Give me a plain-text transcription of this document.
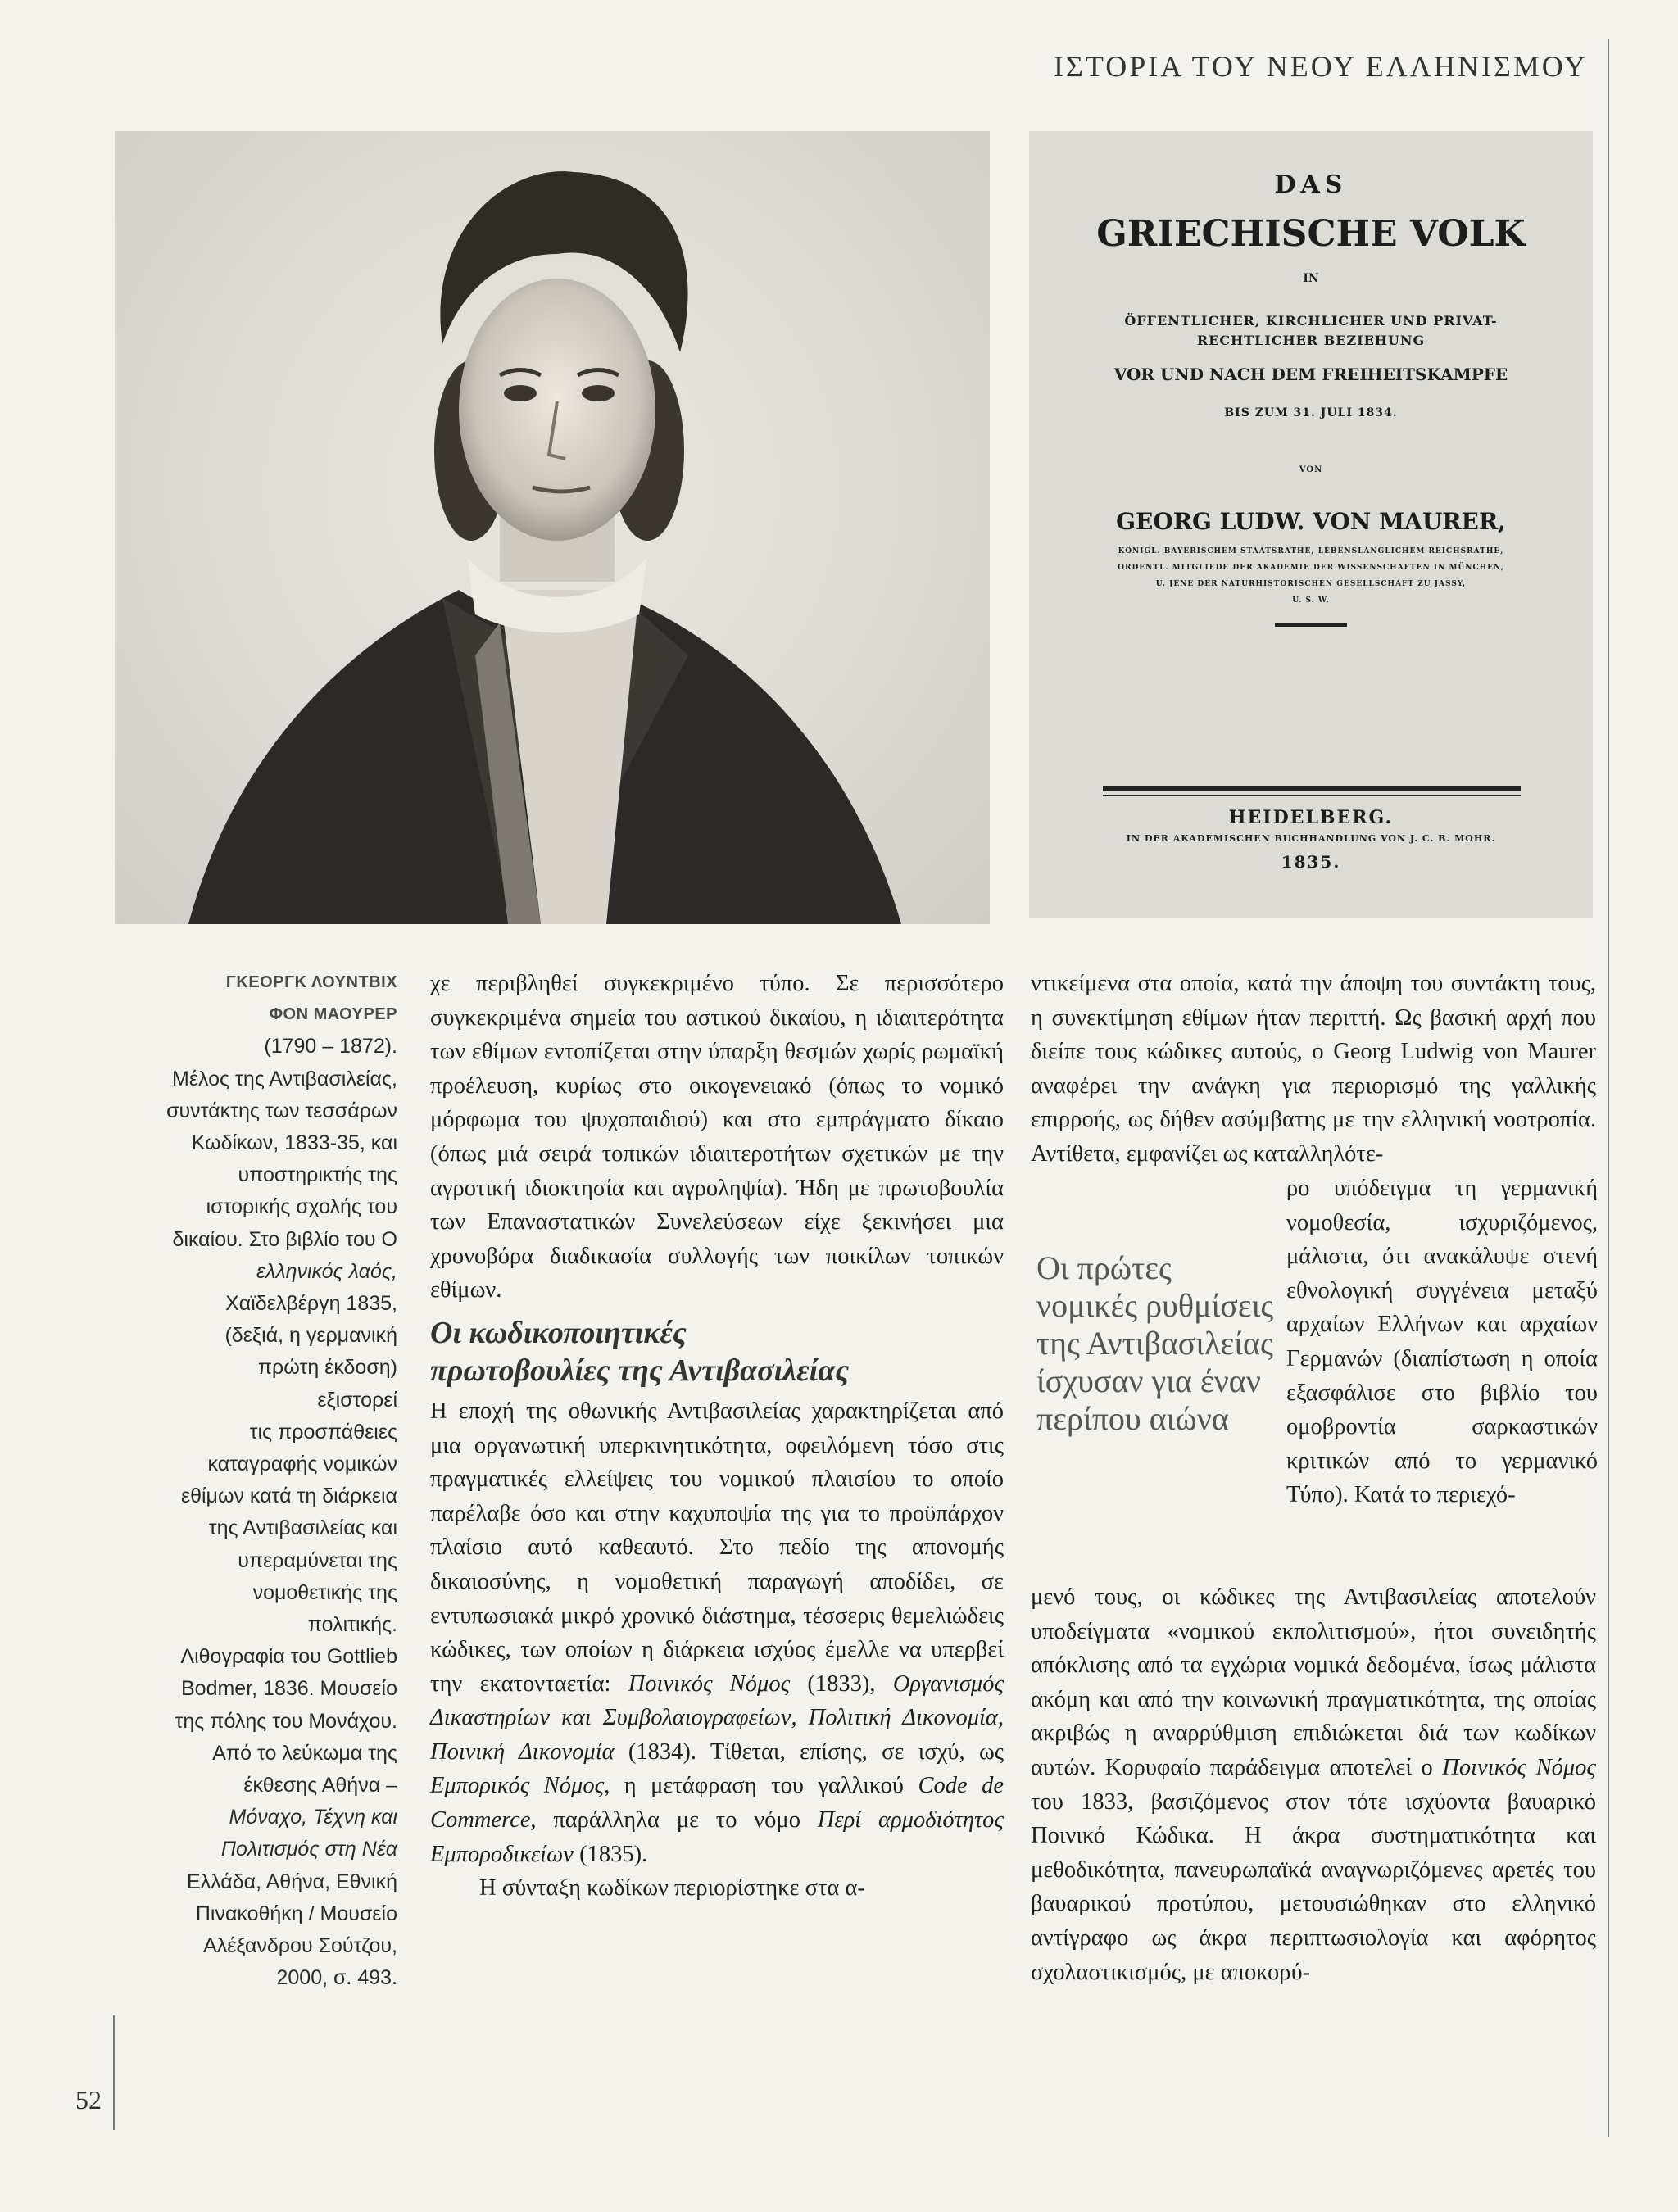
ΙΣΤΟΡΙΑ ΤΟΥ ΝΕΟΥ ΕΛΛΗΝΙΣΜΟΥ
52
DAS
GRIECHISCHE VOLK
IN
ÖFFENTLICHER, KIRCHLICHER UND PRIVAT-
RECHTLICHER BEZIEHUNG
VOR UND NACH DEM FREIHEITSKAMPFE
BIS ZUM 31. JULI 1834.
VON
GEORG LUDW. VON MAURER,
KÖNIGL. BAYERISCHEM STAATSRATHE, LEBENSLÄNGLICHEM REICHSRATHE,
ORDENTL. MITGLIEDE DER AKADEMIE DER WISSENSCHAFTEN IN MÜNCHEN,
U. JENE DER NATURHISTORISCHEN GESELLSCHAFT ZU JASSY,
U. S. W.
HEIDELBERG.
IN DER AKADEMISCHEN BUCHHANDLUNG VON J. C. B. MOHR.
1835.
ΓΚΕΟΡΓΚ ΛΟΥΝΤΒΙΧ
ΦΟΝ ΜΑΟΥΡΕΡ
(1790 – 1872).
Μέλος της Αντιβασιλείας,
συντάκτης των τεσσάρων
Κωδίκων, 1833-35, και
υποστηρικτής της
ιστορικής σχολής του
δικαίου. Στο βιβλίο του Ο
ελληνικός λαός,
Χαϊδελβέργη 1835,
(δεξιά, η γερμανική
πρώτη έκδοση)
εξιστορεί
τις προσπάθειες
καταγραφής νομικών
εθίμων κατά τη διάρκεια
της Αντιβασιλείας και
υπεραμύνεται της
νομοθετικής της
πολιτικής.
Λιθογραφία του Gottlieb
Bodmer, 1836. Μουσείο
της πόλης του Μονάχου.
Από το λεύκωμα της
έκθεσης Αθήνα –
Μόναχο, Τέχνη και
Πολιτισμός στη Νέα
Ελλάδα, Αθήνα, Εθνική
Πινακοθήκη / Μουσείο
Αλέξανδρου Σούτζου,
2000, σ. 493.

χε περιβληθεί συγκεκριμένο τύπο. Σε περισσότερο συγκεκριμένα σημεία του αστικού δικαίου, η ιδιαιτερότητα των εθίμων εντοπίζεται στην ύπαρξη θεσμών χωρίς ρωμαϊκή προέλευση, κυρίως στο οικογενειακό (όπως το νομικό μόρφωμα του ψυχοπαιδιού) και στο εμπράγματο δίκαιο (όπως μιά σειρά τοπικών ιδιαιτεροτήτων σχετικών με την αγροτική ιδιοκτησία και αγροληψία). Ήδη με πρωτοβουλία των Επαναστατικών Συνελεύσεων είχε ξεκινήσει μια χρονοβόρα διαδικασία συλλογής των ποικίλων τοπικών εθίμων.

Οι κωδικοποιητικές
πρωτοβουλίες της Αντιβασιλείας

Η εποχή της οθωνικής Αντιβασιλείας χαρακτηρίζεται από μια οργανωτική υπερκινητικότητα, οφειλόμενη τόσο στις πραγματικές ελλείψεις του νομικού πλαισίου το οποίο παρέλαβε όσο και στην καχυποψία της για το προϋπάρχον πλαίσιο αυτό καθεαυτό. Στο πεδίο της απονομής δικαιοσύνης, η νομοθετική παραγωγή αποδίδει, σε εντυπωσιακά μικρό χρονικό διάστημα, τέσσερις θεμελιώδεις κώδικες, των οποίων η διάρκεια ισχύος έμελλε να υπερβεί την εκατονταετία: Ποινικός Νόμος (1833), Οργανισμός Δικαστηρίων και Συμβολαιογραφείων, Πολιτική Δικονομία, Ποινική Δικονομία (1834). Τίθεται, επίσης, σε ισχύ, ως Εμπορικός Νόμος, η μετάφραση του γαλλικού Code de Commerce, παράλληλα με το νόμο Περί αρμοδιότητος Εμποροδικείων (1835).

Η σύνταξη κωδίκων περιορίστηκε στα α-

ντικείμενα στα οποία, κατά την άποψη του συντάκτη τους, η συνεκτίμηση εθίμων ήταν περιττή. Ως βασική αρχή που διείπε τους κώδικες αυτούς, ο Georg Ludwig von Maurer αναφέρει την ανάγκη για περιορισμό της γαλλικής επιρροής, ως δήθεν ασύμβατης με την ελληνική νοοτροπία. Αντίθετα, εμφανίζει ως καταλληλότε-
Οι πρώτες νομικές ρυθμίσεις της Αντιβασιλείας ίσχυσαν για έναν περίπου αιώνα
ρο υπόδειγμα τη γερμανική νομοθεσία, ισχυριζόμενος, μάλιστα, ότι ανακάλυψε στενή εθνολογική συγγένεια μεταξύ αρχαίων Ελλήνων και αρχαίων Γερμανών (διαπίστωση η οποία εξασφάλισε στο βιβλίο του ομοβροντία σαρκαστικών κριτικών από το γερμανικό Τύπο). Κατά το περιεχό-
μενό τους, οι κώδικες της Αντιβασιλείας αποτελούν υποδείγματα «νομικού εκπολιτισμού», ήτοι συνειδητής απόκλισης από τα εγχώρια νομικά δεδομένα, ίσως μάλιστα ακόμη και από την κοινωνική πραγματικότητα, της οποίας ακριβώς η αναρρύθμιση επιδιώκεται διά των κωδίκων αυτών. Κορυφαίο παράδειγμα αποτελεί ο Ποινικός Νόμος του 1833, βασιζόμενος στον τότε ισχύοντα βαυαρικό Ποινικό Κώδικα. Η άκρα συστηματικότητα και μεθοδικότητα, πανευρωπαϊκά αναγνωριζόμενες αρετές του βαυαρικού προτύπου, μετουσιώθηκαν στο ελληνικό αντίγραφο ως άκρα περιπτωσιολογία και αφόρητος σχολαστικισμός, με αποκορύ-
